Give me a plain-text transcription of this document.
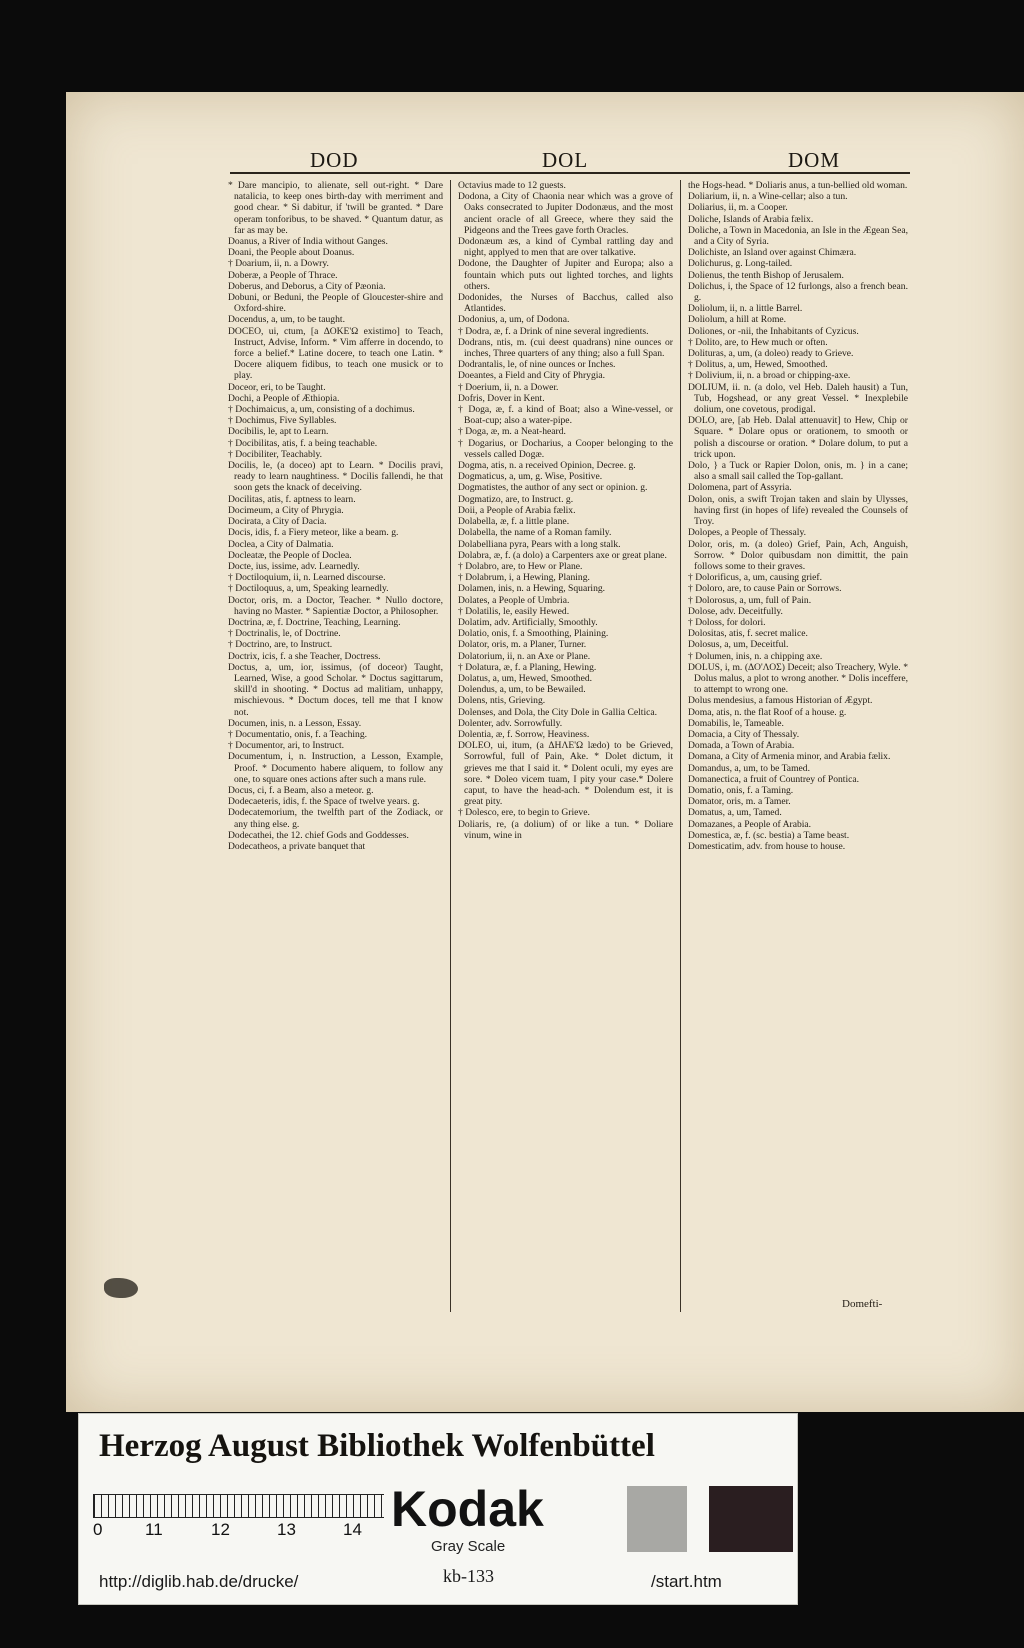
DOD	DOL	DOM

* Dare mancipio, to alienate, sell out-right. * Dare natalicia, to keep ones birth-day with merriment and good chear. * Si dabitur, if 'twill be granted. * Dare operam tonforibus, to be shaved. * Quantum datur, as far as may be.

Doanus, a River of India without Ganges.

Doani, the People about Doanus.

† Doarium, ii, n. a Dowry.

Doberæ, a People of Thrace.

Doberus, and Deborus, a City of Pæonia.

Dobuni, or Beduni, the People of Gloucester-shire and Oxford-shire.

Docendus, a, um, to be taught.

DOCEO, ui, ctum, [a ΔΟΚΕ'Ω existimo] to Teach, Instruct, Advise, Inform. * Vim afferre in docendo, to force a belief.* Latine docere, to teach one Latin. * Docere aliquem fidibus, to teach one musick or to play.

Doceor, eri, to be Taught.

Dochi, a People of Æthiopia.

† Dochimaicus, a, um, consisting of a dochimus.

† Dochimus, Five Syllables.

Docibilis, le, apt to Learn.

† Docibilitas, atis, f. a being teachable.

† Docibiliter, Teachably.

Docilis, le, (a doceo) apt to Learn. * Docilis pravi, ready to learn naughtiness. * Docilis fallendi, he that soon gets the knack of deceiving.

Docilitas, atis, f. aptness to learn.

Docimeum, a City of Phrygia.

Docirata, a City of Dacia.

Docis, idis, f. a Fiery meteor, like a beam. g.

Doclea, a City of Dalmatia.

Docleatæ, the People of Doclea.

Docte, ius, issime, adv. Learnedly.

† Doctiloquium, ii, n. Learned discourse.

† Doctiloquus, a, um, Speaking learnedly.

Doctor, oris, m. a Doctor, Teacher. * Nullo doctore, having no Master. * Sapientiæ Doctor, a Philosopher.

Doctrina, æ, f. Doctrine, Teaching, Learning.

† Doctrinalis, le, of Doctrine.

† Doctrino, are, to Instruct.

Doctrix, icis, f. a she Teacher, Doctress.

Doctus, a, um, ior, issimus, (of doceor) Taught, Learned, Wise, a good Scholar. * Doctus sagittarum, skill'd in shooting. * Doctus ad malitiam, unhappy, mischievous. * Doctum doces, tell me that I know not.

Documen, inis, n. a Lesson, Essay.

† Documentatio, onis, f. a Teaching.

† Documentor, ari, to Instruct.

Documentum, i, n. Instruction, a Lesson, Example, Proof. * Documento habere aliquem, to follow any one, to square ones actions after such a mans rule.

Docus, ci, f. a Beam, also a meteor. g.

Dodecaeteris, idis, f. the Space of twelve years. g.

Dodecatemorium, the twelfth part of the Zodiack, or any thing else. g.

Dodecathei, the 12. chief Gods and Goddesses.

Dodecatheos, a private banquet that

Octavius made to 12 guests.

Dodona, a City of Chaonia near which was a grove of Oaks consecrated to Jupiter Dodonæus, and the most ancient oracle of all Greece, where they said the Pidgeons and the Trees gave forth Oracles.

Dodonæum æs, a kind of Cymbal rattling day and night, applyed to men that are over talkative.

Dodone, the Daughter of Jupiter and Europa; also a fountain which puts out lighted torches, and lights others.

Dodonides, the Nurses of Bacchus, called also Atlantides.

Dodonius, a, um, of Dodona.

† Dodra, æ, f. a Drink of nine several ingredients.

Dodrans, ntis, m. (cui deest quadrans) nine ounces or inches, Three quarters of any thing; also a full Span.

Dodrantalis, le, of nine ounces or Inches.

Doeantes, a Field and City of Phrygia.

† Doerium, ii, n. a Dower.

Dofris, Dover in Kent.

† Doga, æ, f. a kind of Boat; also a Wine-vessel, or Boat-cup; also a water-pipe.

† Doga, æ, m. a Neat-heard.

† Dogarius, or Docharius, a Cooper belonging to the vessels called Dogæ.

Dogma, atis, n. a received Opinion, Decree. g.

Dogmaticus, a, um, g. Wise, Positive.

Dogmatistes, the author of any sect or opinion. g.

Dogmatizo, are, to Instruct. g.

Doii, a People of Arabia fælix.

Dolabella, æ, f. a little plane.

Dolabella, the name of a Roman family.

Dolabelliana pyra, Pears with a long stalk.

Dolabra, æ, f. (a dolo) a Carpenters axe or great plane.

† Dolabro, are, to Hew or Plane.

† Dolabrum, i, a Hewing, Planing.

Dolamen, inis, n. a Hewing, Squaring.

Dolates, a People of Umbria.

† Dolatilis, le, easily Hewed.

Dolatim, adv. Artificially, Smoothly.

Dolatio, onis, f. a Smoothing, Plaining.

Dolator, oris, m. a Planer, Turner.

Dolatorium, ii, n. an Axe or Plane.

† Dolatura, æ, f. a Planing, Hewing.

Dolatus, a, um, Hewed, Smoothed.

Dolendus, a, um, to be Bewailed.

Dolens, ntis, Grieving.

Dolenses, and Dola, the City Dole in Gallia Celtica.

Dolenter, adv. Sorrowfully.

Dolentia, æ, f. Sorrow, Heaviness.

DOLEO, ui, itum, (a ΔΗΛΕ'Ω lædo) to be Grieved, Sorrowful, full of Pain, Ake. * Dolet dictum, it grieves me that I said it. * Dolent oculi, my eyes are sore. * Doleo vicem tuam, I pity your case.* Dolere caput, to have the head-ach. * Dolendum est, it is great pity.

† Dolesco, ere, to begin to Grieve.

Doliaris, re, (a dolium) of or like a tun. * Doliare vinum, wine in

the Hogs-head. * Doliaris anus, a tun-bellied old woman.

Doliarium, ii, n. a Wine-cellar; also a tun.

Doliarius, ii, m. a Cooper.

Doliche, Islands of Arabia fælix.

Doliche, a Town in Macedonia, an Isle in the Ægean Sea, and a City of Syria.

Dolichiste, an Island over against Chimæra.

Dolichurus, g. Long-tailed.

Dolienus, the tenth Bishop of Jerusalem.

Dolichus, i, the Space of 12 furlongs, also a french bean. g.

Doliolum, ii, n. a little Barrel.

Doliolum, a hill at Rome.

Doliones, or -nii, the Inhabitants of Cyzicus.

† Dolito, are, to Hew much or often.

Dolituras, a, um, (a doleo) ready to Grieve.

† Dolitus, a, um, Hewed, Smoothed.

† Dolivium, ii, n. a broad or chipping-axe.

DOLIUM, ii. n. (a dolo, vel Heb. Daleh hausit) a Tun, Tub, Hogshead, or any great Vessel. * Inexplebile dolium, one covetous, prodigal.

DOLO, are, [ab Heb. Dalal attenuavit] to Hew, Chip or Square. * Dolare opus or orationem, to smooth or polish a discourse or oration. * Dolare dolum, to put a trick upon.

Dolo, } a Tuck or Rapier Dolon, onis, m. } in a cane; also a small sail called the Top-gallant.

Dolomena, part of Assyria.

Dolon, onis, a swift Trojan taken and slain by Ulysses, having first (in hopes of life) revealed the Counsels of Troy.

Dolopes, a People of Thessaly.

Dolor, oris, m. (a doleo) Grief, Pain, Ach, Anguish, Sorrow. * Dolor quibusdam non dimittit, the pain follows some to their graves.

† Dolorificus, a, um, causing grief.

† Doloro, are, to cause Pain or Sorrows.

† Dolorosus, a, um, full of Pain.

Dolose, adv. Deceitfully.

† Doloss, for dolori.

Dolositas, atis, f. secret malice.

Dolosus, a, um, Deceitful.

† Dolumen, inis, n. a chipping axe.

DOLUS, i, m. (ΔΟ'ΛΟΣ) Deceit; also Treachery, Wyle. * Dolus malus, a plot to wrong another. * Dolis inceffere, to attempt to wrong one.

Dolus mendesius, a famous Historian of Ægypt.

Doma, atis, n. the flat Roof of a house. g.

Domabilis, le, Tameable.

Domacia, a City of Thessaly.

Domada, a Town of Arabia.

Domana, a City of Armenia minor, and Arabia fælix.

Domandus, a, um, to be Tamed.

Domanectica, a fruit of Countrey of Pontica.

Domatio, onis, f. a Taming.

Domator, oris, m. a Tamer.

Domatus, a, um, Tamed.

Domazanes, a People of Arabia.

Domestica, æ, f. (sc. bestia) a Tame beast.

Domesticatim, adv. from house to house.

Domefti-
Herzog August Bibliothek Wolfenbüttel
0	11	12	13	14 Kodak
Gray Scale
http://diglib.hab.de/drucke/	kb-133	/start.htm
